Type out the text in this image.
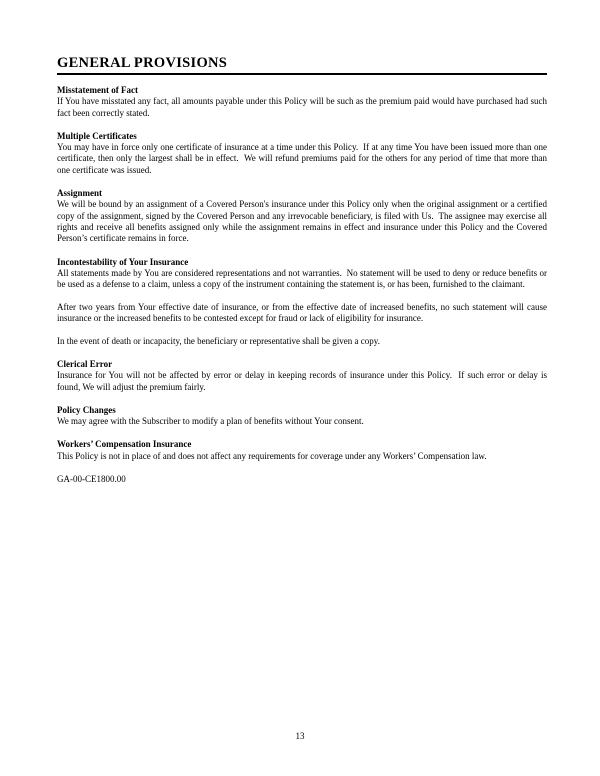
GENERAL PROVISIONS
Misstatement of Fact

If You have misstated any fact, all amounts payable under this Policy will be such as the premium paid would have purchased had such fact been correctly stated.

Multiple Certificates

You may have in force only one certificate of insurance at a time under this Policy.  If at any time You have been issued more than one certificate, then only the largest shall be in effect.  We will refund premiums paid for the others for any period of time that more than one certificate was issued.

Assignment

We will be bound by an assignment of a Covered Person's insurance under this Policy only when the original assignment or a certified copy of the assignment, signed by the Covered Person and any irrevocable beneficiary, is filed with Us.  The assignee may exercise all rights and receive all benefits assigned only while the assignment remains in effect and insurance under this Policy and the Covered Person’s certificate remains in force.

Incontestability of Your Insurance

All statements made by You are considered representations and not warranties.  No statement will be used to deny or reduce benefits or be used as a defense to a claim, unless a copy of the instrument containing the statement is, or has been, furnished to the claimant.

After two years from Your effective date of insurance, or from the effective date of increased benefits, no such statement will cause insurance or the increased benefits to be contested except for fraud or lack of eligibility for insurance.

In the event of death or incapacity, the beneficiary or representative shall be given a copy.

Clerical Error

Insurance for You will not be affected by error or delay in keeping records of insurance under this Policy.  If such error or delay is found, We will adjust the premium fairly.

Policy Changes

We may agree with the Subscriber to modify a plan of benefits without Your consent.

Workers’ Compensation Insurance

This Policy is not in place of and does not affect any requirements for coverage under any Workers’ Compensation law.

GA-00-CE1800.00
13
